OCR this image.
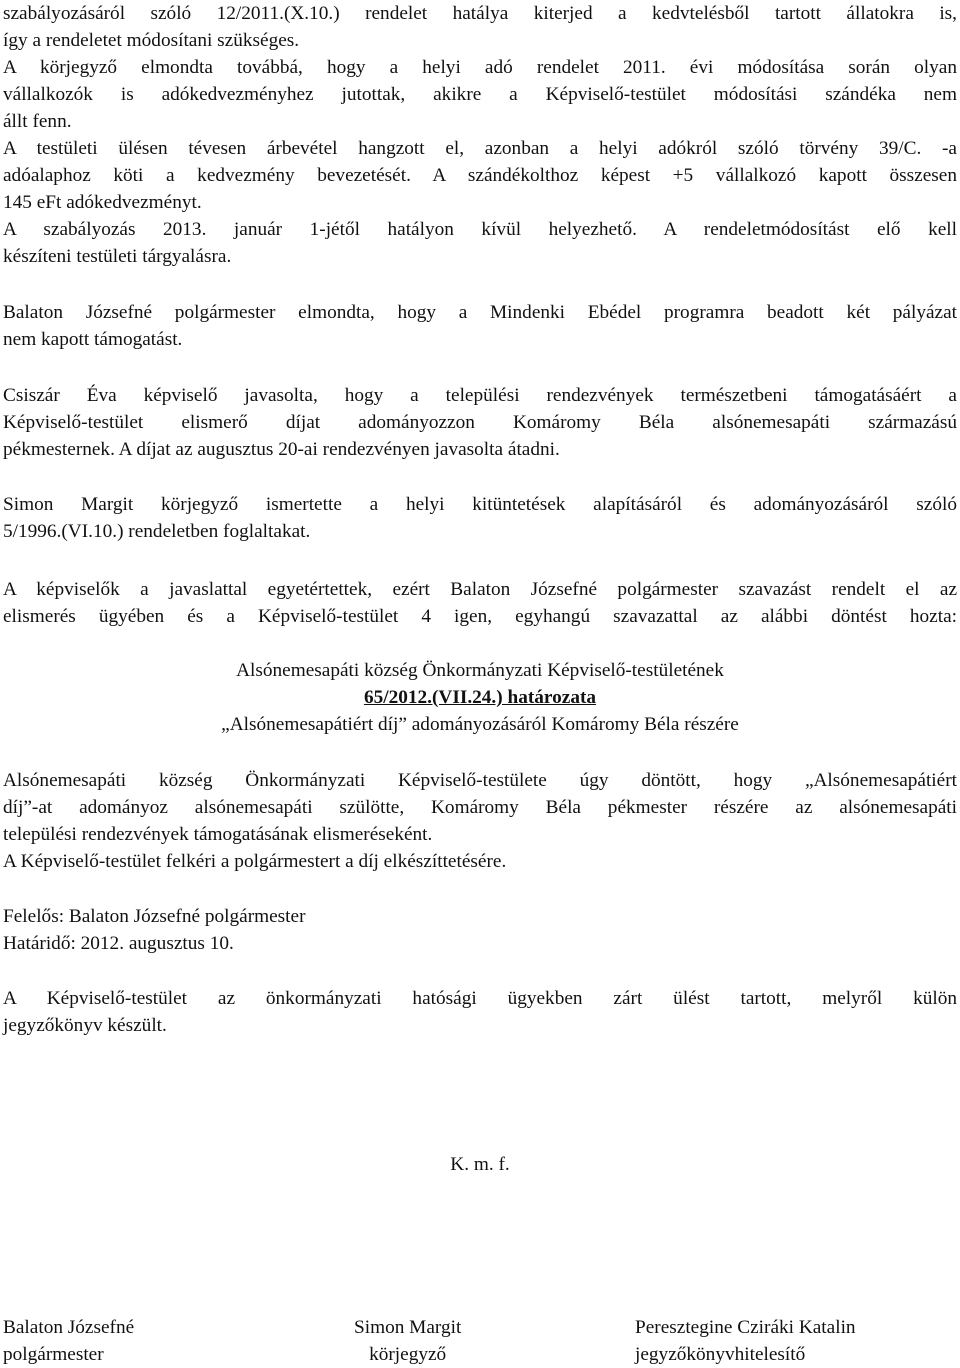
szabályozásáról szóló 12/2011.(X.10.) rendelet hatálya kiterjed a kedvtelésből tartott állatokra is,
így a rendeletet módosítani szükséges.
A körjegyző elmondta továbbá, hogy a helyi adó rendelet 2011. évi módosítása során olyan
vállalkozók is adókedvezményhez jutottak, akikre a Képviselő-testület módosítási szándéka nem
állt fenn.
A testületi ülésen tévesen árbevétel hangzott el, azonban a helyi adókról szóló törvény 39/C. -a
adóalaphoz köti a kedvezmény bevezetését. A szándékolthoz képest +5 vállalkozó kapott összesen
145 eFt adókedvezményt.
A szabályozás 2013. január 1-jétől hatályon kívül helyezhető. A rendeletmódosítást elő kell
készíteni testületi tárgyalásra.
Balaton Józsefné polgármester elmondta, hogy a Mindenki Ebédel programra beadott két pályázat
nem kapott támogatást.
Csiszár Éva képviselő javasolta, hogy a települési rendezvények természetbeni támogatásáért a
Képviselő-testület elismerő díjat adományozzon Komáromy Béla alsónemesapáti származású
pékmesternek. A díjat az augusztus 20-ai rendezvényen javasolta átadni.
Simon Margit körjegyző ismertette a helyi kitüntetések alapításáról és adományozásáról szóló
5/1996.(VI.10.) rendeletben foglaltakat.
A képviselők a javaslattal egyetértettek, ezért Balaton Józsefné polgármester szavazást rendelt el az
elismerés ügyében és a Képviselő-testület 4 igen, egyhangú szavazattal az alábbi döntést hozta:
Alsónemesapáti község Önkormányzati Képviselő-testületének
65/2012.(VII.24.) határozata
„Alsónemesapátiért díj” adományozásáról Komáromy Béla részére
Alsónemesapáti község Önkormányzati Képviselő-testülete úgy döntött, hogy „Alsónemesapátiért
díj”-at adományoz alsónemesapáti szülötte, Komáromy Béla pékmester részére az alsónemesapáti
települési rendezvények támogatásának elismeréseként.
A Képviselő-testület felkéri a polgármestert a díj elkészíttetésére.
Felelős: Balaton Józsefné polgármester
Határidő: 2012. augusztus 10.
A Képviselő-testület az önkormányzati hatósági ügyekben zárt ülést tartott, melyről külön
jegyzőkönyv készült.
K. m. f.
Balaton Józsefné
polgármester
Simon Margit
körjegyző
Peresztegine Cziráki Katalin
jegyzőkönyvhitelesítő
